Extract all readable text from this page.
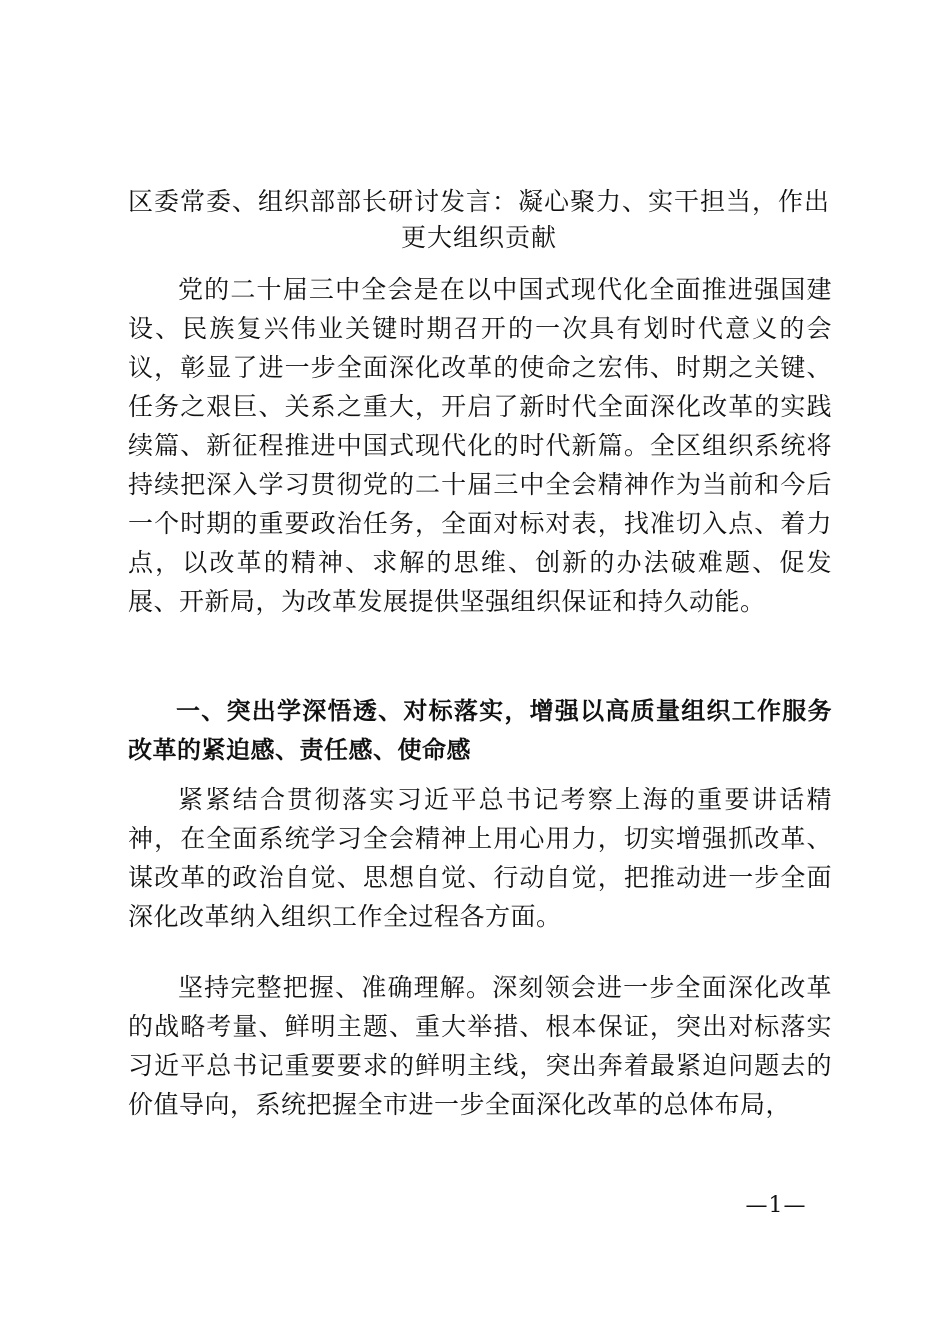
区委常委、组织部部长研讨发言：凝心聚力、实干担当，作出更大组织贡献
党的二十届三中全会是在以中国式现代化全面推进强国建设、民族复兴伟业关键时期召开的一次具有划时代意义的会议，彰显了进一步全面深化改革的使命之宏伟、时期之关键、任务之艰巨、关系之重大，开启了新时代全面深化改革的实践续篇、新征程推进中国式现代化的时代新篇。全区组织系统将持续把深入学习贯彻党的二十届三中全会精神作为当前和今后一个时期的重要政治任务，全面对标对表，找准切入点、着力点，以改革的精神、求解的思维、创新的办法破难题、促发展、开新局，为改革发展提供坚强组织保证和持久动能。
一、突出学深悟透、对标落实，增强以高质量组织工作服务改革的紧迫感、责任感、使命感
紧紧结合贯彻落实习近平总书记考察上海的重要讲话精神，在全面系统学习全会精神上用心用力，切实增强抓改革、谋改革的政治自觉、思想自觉、行动自觉，把推动进一步全面深化改革纳入组织工作全过程各方面。
坚持完整把握、准确理解。深刻领会进一步全面深化改革的战略考量、鲜明主题、重大举措、根本保证，突出对标落实习近平总书记重要要求的鲜明主线，突出奔着最紧迫问题去的价值导向，系统把握全市进一步全面深化改革的总体布局，
—1—
